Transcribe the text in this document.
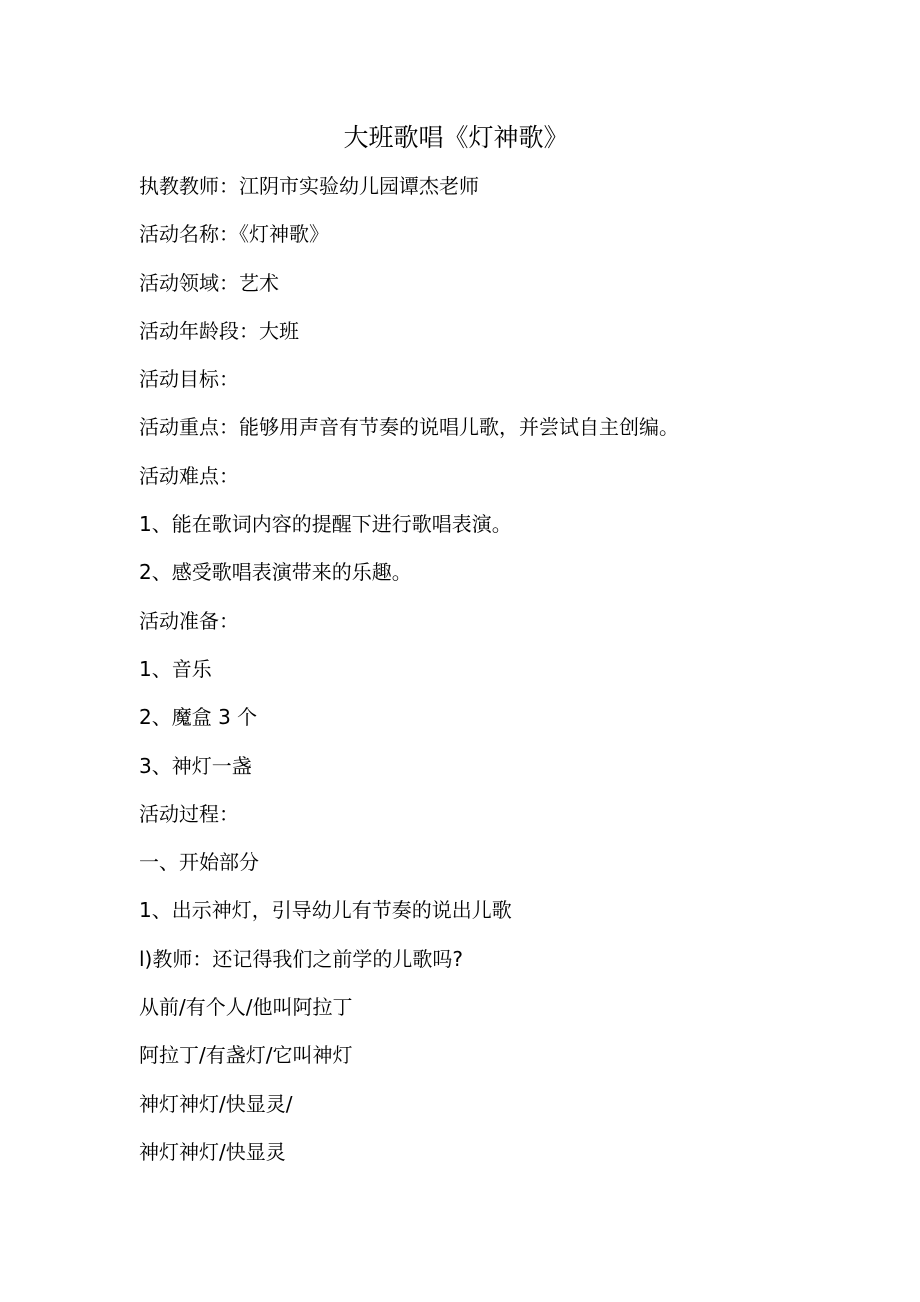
大班歌唱《灯神歌》
执教教师：江阴市实验幼儿园谭杰老师
活动名称：《灯神歌》
活动领域：艺术
活动年龄段：大班
活动目标：
活动重点：能够用声音有节奏的说唱儿歌，并尝试自主创编。
活动难点：
1、能在歌词内容的提醒下进行歌唱表演。
2、感受歌唱表演带来的乐趣。
活动准备：
1、音乐
2、魔盒 3 个
3、神灯一盏
活动过程：
一、开始部分
1、出示神灯，引导幼儿有节奏的说出儿歌
l)教师：还记得我们之前学的儿歌吗?
从前/有个人/他叫阿拉丁
阿拉丁/有盏灯/它叫神灯
神灯神灯/快显灵/
神灯神灯/快显灵
